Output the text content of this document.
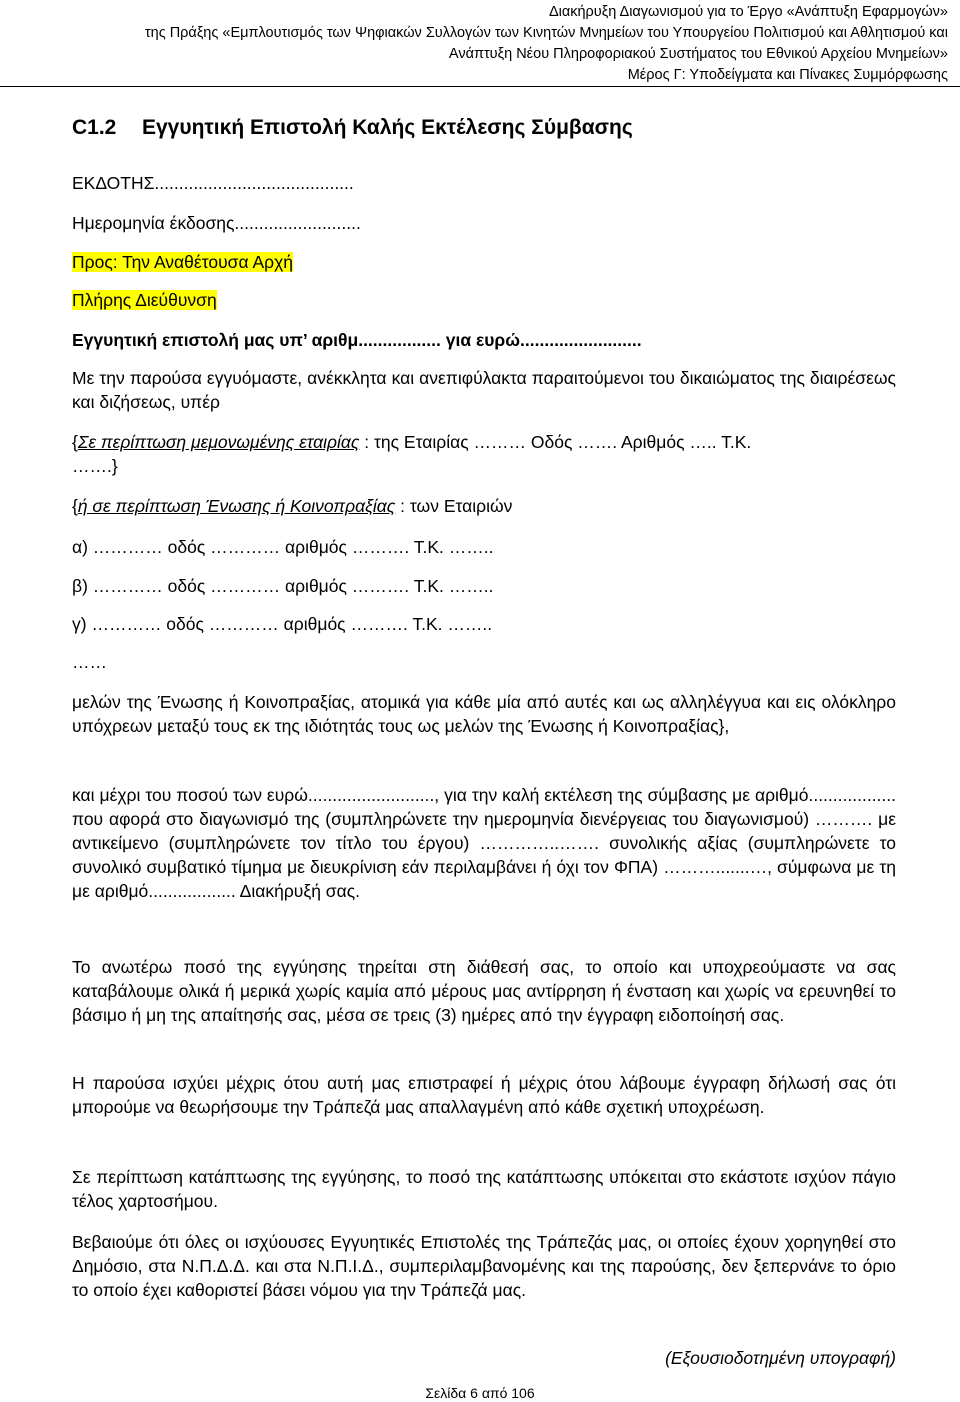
Διακήρυξη Διαγωνισμού για το Έργο «Ανάπτυξη Εφαρμογών»
της Πράξης «Εμπλουτισμός των Ψηφιακών Συλλογών των Κινητών Μνημείων του Υπουργείου Πολιτισμού και Αθλητισμού και
Ανάπτυξη Νέου Πληροφοριακού Συστήματος του Εθνικού Αρχείου Μνημείων»
Μέρος Γ: Υποδείγματα και Πίνακες Συμμόρφωσης
C1.2 Εγγυητική Επιστολή Καλής Εκτέλεσης Σύμβασης
ΕΚΔΟΤΗΣ.........................................
Ημερομηνία έκδοσης..........................
Προς: Την Αναθέτουσα Αρχή
Πλήρης Διεύθυνση
Εγγυητική επιστολή μας υπ’ αριθμ................. για ευρώ.........................

Με την παρούσα εγγυόμαστε, ανέκκλητα και ανεπιφύλακτα παραιτούμενοι του δικαιώματος της διαιρέσεως και διζήσεως, υπέρ

{Σε περίπτωση μεμονωμένης εταιρίας : της Εταιρίας ……… Οδός ……. Αριθμός ….. Τ.Κ.

…….}

{ή σε περίπτωση Ένωσης ή Κοινοπραξίας : των Εταιριών
α) ………… οδός ………… αριθμός ………. Τ.Κ. ……..
β) ………… οδός ………… αριθμός ………. Τ.Κ. ……..
γ) ………… οδός ………… αριθμός ………. Τ.Κ. ……..
……

μελών της Ένωσης ή Κοινοπραξίας, ατομικά για κάθε μία από αυτές και ως αλληλέγγυα και εις ολόκληρο υπόχρεων μεταξύ τους εκ της ιδιότητάς τους ως μελών της Ένωσης ή Κοινοπραξίας},

και μέχρι του ποσού των ευρώ.........................., για την καλή εκτέλεση της σύμβασης με αριθμό.................. που αφορά στο διαγωνισμό της (συμπληρώνετε την ημερομηνία διενέργειας του διαγωνισμού) ………. με αντικείμενο (συμπληρώνετε τον τίτλο του έργου) …………..……. συνολικής αξίας (συμπληρώνετε το συνολικό συμβατικό τίμημα με διευκρίνιση εάν περιλαμβάνει ή όχι τον ΦΠΑ) ……….......…, σύμφωνα με τη με αριθμό.................. Διακήρυξή σας.

Το ανωτέρω ποσό της εγγύησης τηρείται στη διάθεσή σας, το οποίο και υποχρεούμαστε να σας καταβάλουμε ολικά ή μερικά χωρίς καμία από μέρους μας αντίρρηση ή ένσταση και χωρίς να ερευνηθεί το βάσιμο ή μη της απαίτησής σας, μέσα σε τρεις (3) ημέρες από την έγγραφη ειδοποίησή σας.

Η παρούσα ισχύει μέχρις ότου αυτή μας επιστραφεί ή μέχρις ότου λάβουμε έγγραφη δήλωσή σας ότι μπορούμε να θεωρήσουμε την Τράπεζά μας απαλλαγμένη από κάθε σχετική υποχρέωση.

Σε περίπτωση κατάπτωσης της εγγύησης, το ποσό της κατάπτωσης υπόκειται στο εκάστοτε ισχύον πάγιο τέλος χαρτοσήμου.

Βεβαιούμε ότι όλες οι ισχύουσες Εγγυητικές Επιστολές της Τράπεζάς μας, οι οποίες έχουν χορηγηθεί στο Δημόσιο, στα Ν.Π.Δ.Δ. και στα Ν.Π.Ι.Δ., συμπεριλαμβανομένης και της παρούσης, δεν ξεπερνάνε το όριο το οποίο έχει καθοριστεί βάσει νόμου για την Τράπεζά μας.

(Εξουσιοδοτημένη υπογραφή)
Σελίδα 6 από 106
